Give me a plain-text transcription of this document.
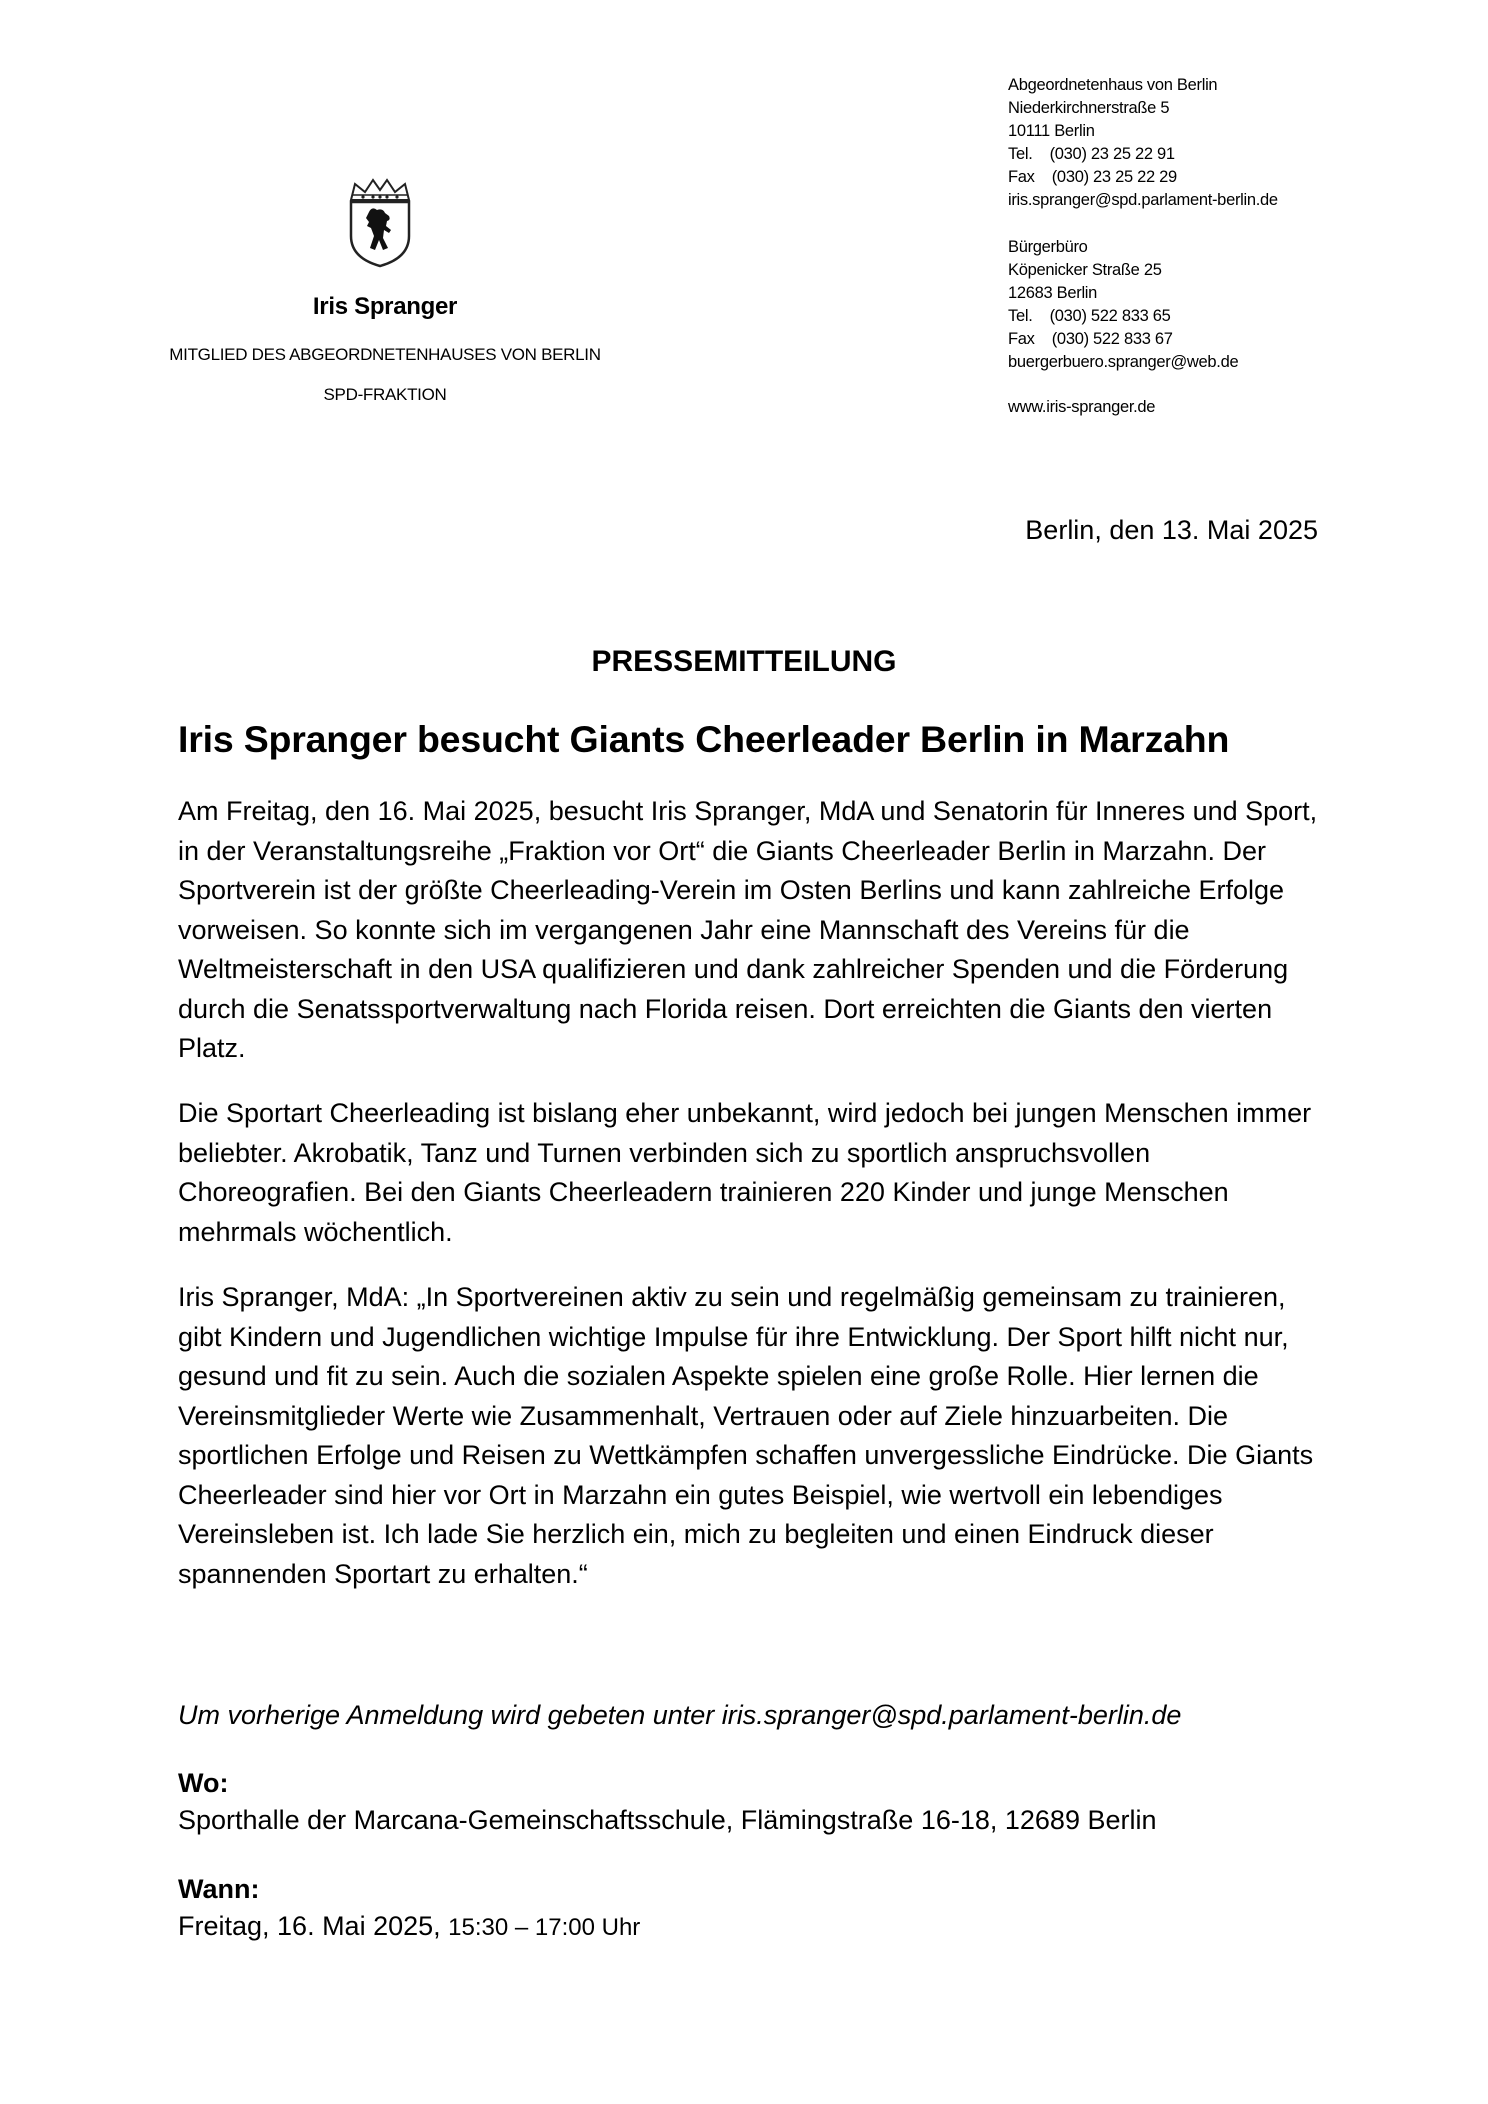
Iris Spranger
MITGLIED DES ABGEORDNETENHAUSES VON BERLIN
SPD-FRAKTION
Abgeordnetenhaus von Berlin
Niederkirchnerstraße 5
10111 Berlin
Tel.    (030) 23 25 22 91
Fax    (030) 23 25 22 29
iris.spranger@spd.parlament-berlin.de
Bürgerbüro
Köpenicker Straße 25
12683 Berlin
Tel.    (030) 522 833 65
Fax    (030) 522 833 67
buergerbuero.spranger@web.de
www.iris-spranger.de
Berlin, den 13. Mai 2025
PRESSEMITTEILUNG
Iris Spranger besucht Giants Cheerleader Berlin in Marzahn
Am Freitag, den 16. Mai 2025, besucht Iris Spranger, MdA und Senatorin für Inneres und Sport, in der Veranstaltungsreihe „Fraktion vor Ort“ die Giants Cheerleader Berlin in Marzahn. Der Sportverein ist der größte Cheerleading-Verein im Osten Berlins und kann zahlreiche Erfolge vorweisen. So konnte sich im vergangenen Jahr eine Mannschaft des Vereins für die Weltmeisterschaft in den USA qualifizieren und dank zahlreicher Spenden und die Förderung durch die Senatssportverwaltung nach Florida reisen. Dort erreichten die Giants den vierten Platz.
Die Sportart Cheerleading ist bislang eher unbekannt, wird jedoch bei jungen Menschen immer beliebter. Akrobatik, Tanz und Turnen verbinden sich zu sportlich anspruchsvollen Choreografien. Bei den Giants Cheerleadern trainieren 220 Kinder und junge Menschen mehrmals wöchentlich.
Iris Spranger, MdA: „In Sportvereinen aktiv zu sein und regelmäßig gemeinsam zu trainieren, gibt Kindern und Jugendlichen wichtige Impulse für ihre Entwicklung. Der Sport hilft nicht nur, gesund und fit zu sein. Auch die sozialen Aspekte spielen eine große Rolle. Hier lernen die Vereinsmitglieder Werte wie Zusammenhalt, Vertrauen oder auf Ziele hinzuarbeiten. Die sportlichen Erfolge und Reisen zu Wettkämpfen schaffen unvergessliche Eindrücke. Die Giants Cheerleader sind hier vor Ort in Marzahn ein gutes Beispiel, wie wertvoll ein lebendiges Vereinsleben ist. Ich lade Sie herzlich ein, mich zu begleiten und einen Eindruck dieser spannenden Sportart zu erhalten.“
Um vorherige Anmeldung wird gebeten unter iris.spranger@spd.parlament-berlin.de
Wo:
Sporthalle der Marcana-Gemeinschaftsschule, Flämingstraße 16-18, 12689 Berlin
Wann:
Freitag, 16. Mai 2025, 15:30 – 17:00 Uhr
